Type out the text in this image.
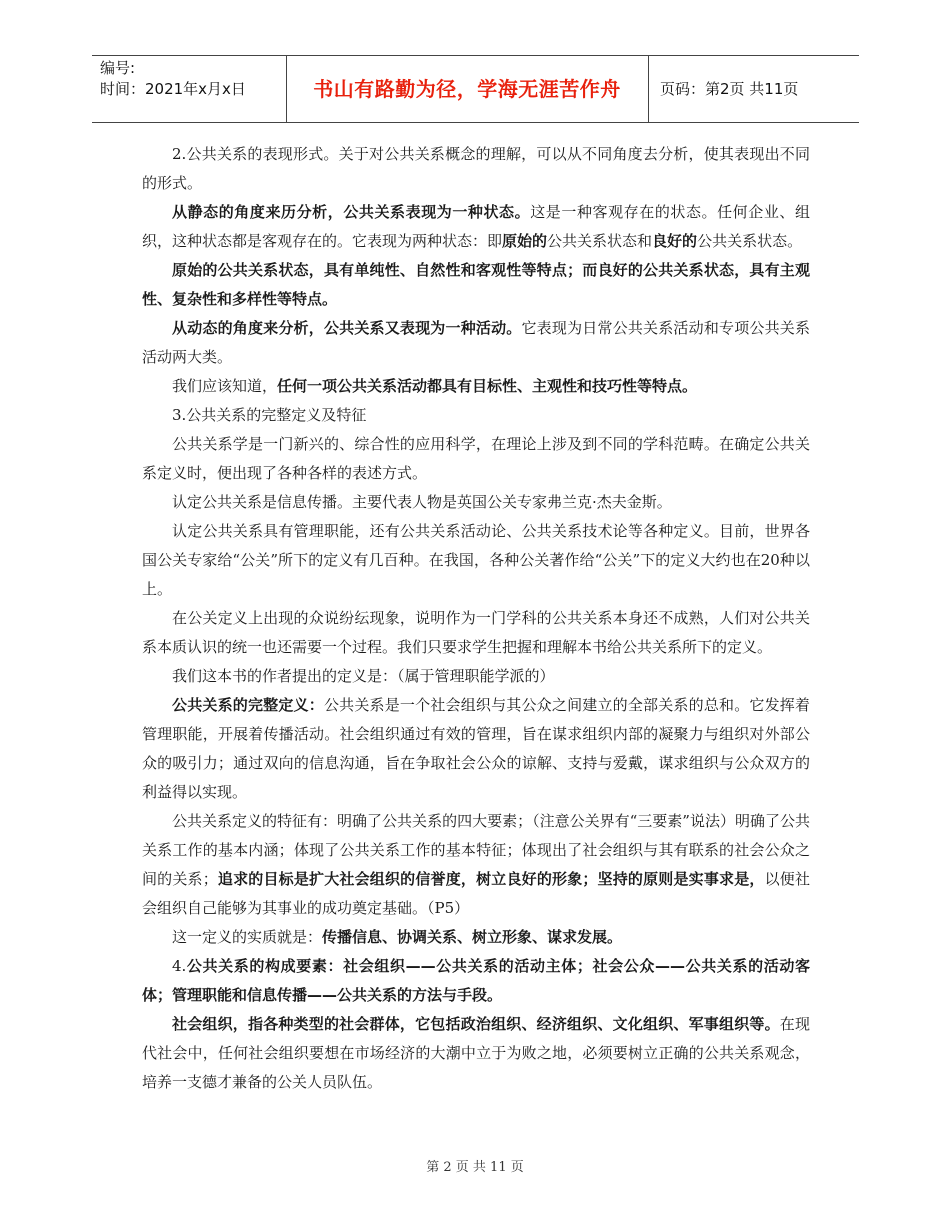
编号:
时间：2021年x月x日	书山有路勤为径，学海无涯苦作舟	页码：第2页 共11页

2.公共关系的表现形式。关于对公共关系概念的理解，可以从不同角度去分析，使其表现出不同的形式。

从静态的角度来历分析，公共关系表现为一种状态。这是一种客观存在的状态。任何企业、组织，这种状态都是客观存在的。它表现为两种状态：即原始的公共关系状态和良好的公共关系状态。

原始的公共关系状态，具有单纯性、自然性和客观性等特点；而良好的公共关系状态，具有主观性、复杂性和多样性等特点。

从动态的角度来分析，公共关系又表现为一种活动。它表现为日常公共关系活动和专项公共关系活动两大类。

我们应该知道，任何一项公共关系活动都具有目标性、主观性和技巧性等特点。

3.公共关系的完整定义及特征

公共关系学是一门新兴的、综合性的应用科学，在理论上涉及到不同的学科范畴。在确定公共关系定义时，便出现了各种各样的表述方式。

认定公共关系是信息传播。主要代表人物是英国公关专家弗兰克·杰夫金斯。

认定公共关系具有管理职能，还有公共关系活动论、公共关系技术论等各种定义。目前，世界各国公关专家给“公关”所下的定义有几百种。在我国，各种公关著作给“公关”下的定义大约也在20种以上。

在公关定义上出现的众说纷纭现象，说明作为一门学科的公共关系本身还不成熟，人们对公共关系本质认识的统一也还需要一个过程。我们只要求学生把握和理解本书给公共关系所下的定义。

我们这本书的作者提出的定义是：（属于管理职能学派的）

公共关系的完整定义：公共关系是一个社会组织与其公众之间建立的全部关系的总和。它发挥着管理职能，开展着传播活动。社会组织通过有效的管理，旨在谋求组织内部的凝聚力与组织对外部公众的吸引力；通过双向的信息沟通，旨在争取社会公众的谅解、支持与爱戴，谋求组织与公众双方的利益得以实现。

公共关系定义的特征有：明确了公共关系的四大要素；（注意公关界有“三要素”说法）明确了公共关系工作的基本内涵；体现了公共关系工作的基本特征；体现出了社会组织与其有联系的社会公众之间的关系；追求的目标是扩大社会组织的信誉度，树立良好的形象；坚持的原则是实事求是，以便社会组织自己能够为其事业的成功奠定基础。（P5）

这一定义的实质就是：传播信息、协调关系、树立形象、谋求发展。

4.公共关系的构成要素：社会组织——公共关系的活动主体；社会公众——公共关系的活动客体；管理职能和信息传播——公共关系的方法与手段。

社会组织，指各种类型的社会群体，它包括政治组织、经济组织、文化组织、军事组织等。在现代社会中，任何社会组织要想在市场经济的大潮中立于为败之地，必须要树立正确的公共关系观念，培养一支德才兼备的公关人员队伍。

第 2 页 共 11 页
